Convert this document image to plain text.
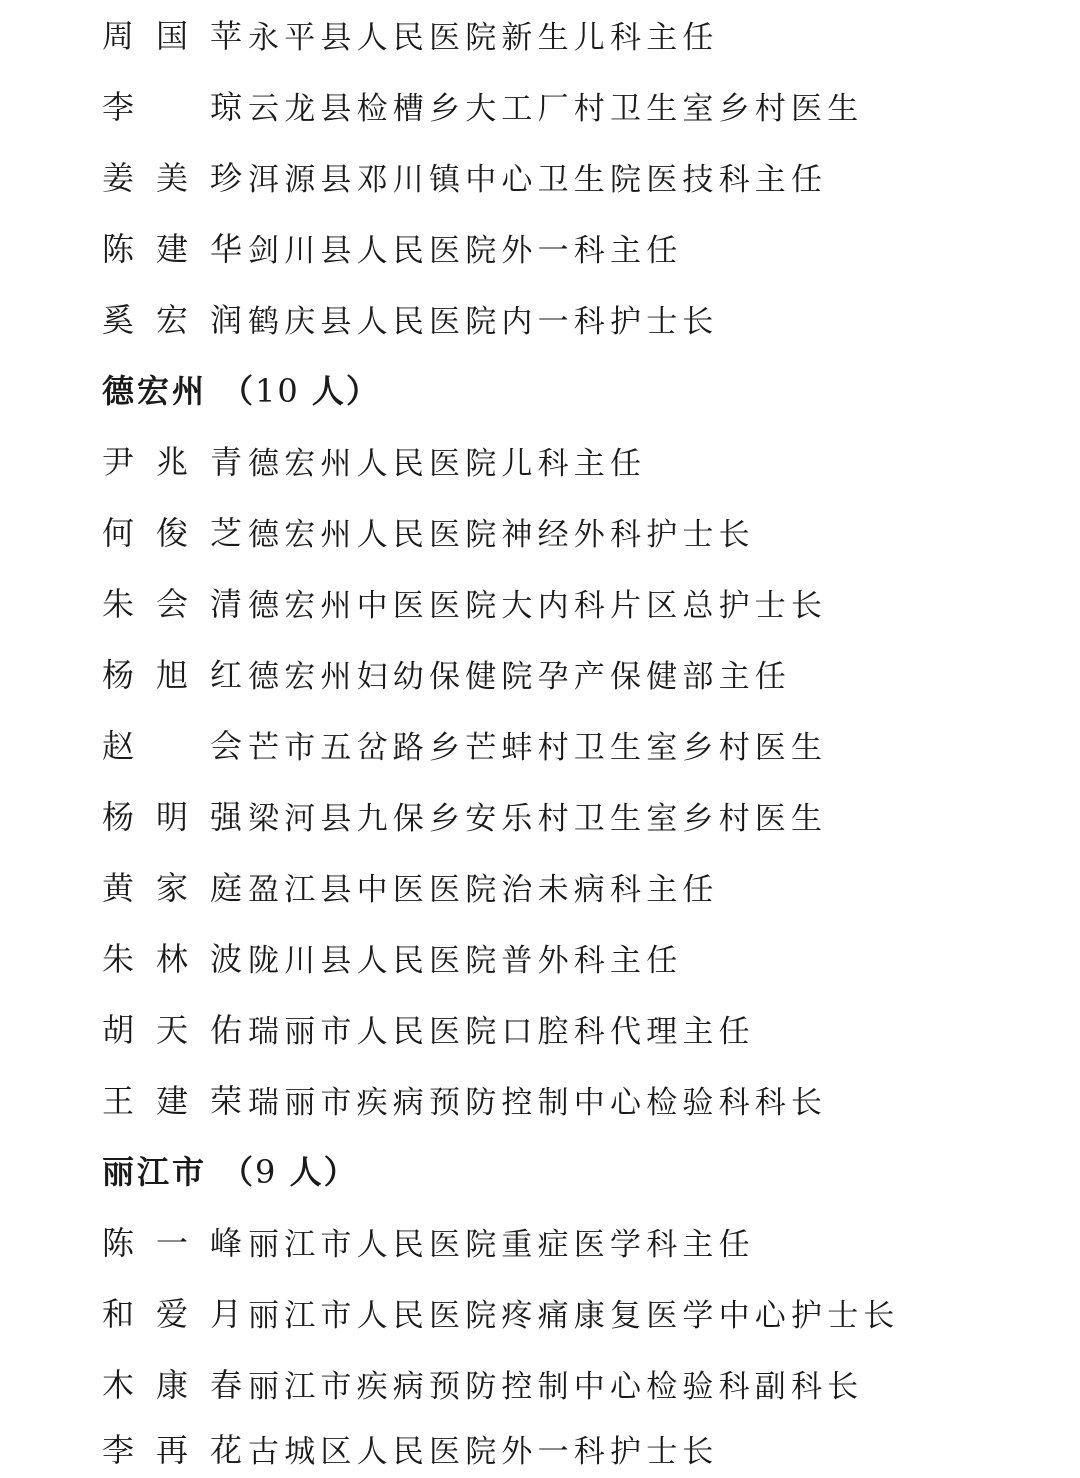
周国苹 永平县人民医院新生儿科主任
李　琼 云龙县检槽乡大工厂村卫生室乡村医生
姜美珍 洱源县邓川镇中心卫生院医技科主任
陈建华 剑川县人民医院外一科主任
奚宏润 鹤庆县人民医院内一科护士长
德宏州 （10 人）
尹兆青 德宏州人民医院儿科主任
何俊芝 德宏州人民医院神经外科护士长
朱会清 德宏州中医医院大内科片区总护士长
杨旭红 德宏州妇幼保健院孕产保健部主任
赵　会 芒市五岔路乡芒蚌村卫生室乡村医生
杨明强 梁河县九保乡安乐村卫生室乡村医生
黄家庭 盈江县中医医院治未病科主任
朱林波 陇川县人民医院普外科主任
胡天佑 瑞丽市人民医院口腔科代理主任
王建荣 瑞丽市疾病预防控制中心检验科科长
丽江市 （9 人）
陈一峰 丽江市人民医院重症医学科主任
和爱月 丽江市人民医院疼痛康复医学中心护士长
木康春 丽江市疾病预防控制中心检验科副科长
李再花 古城区人民医院外一科护士长
